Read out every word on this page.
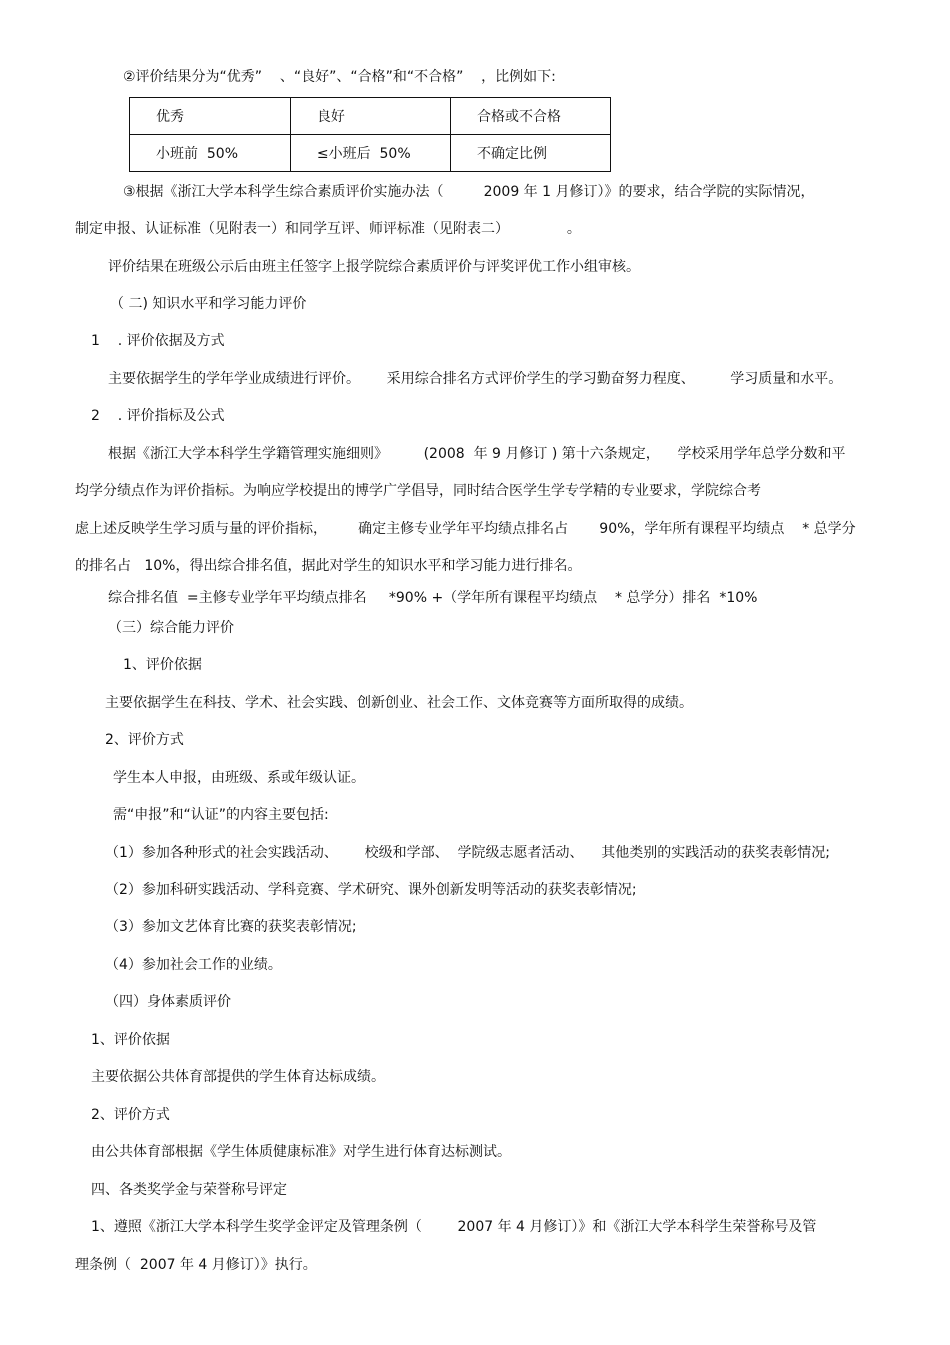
②评价结果分为“优秀”    、“良好”、“合格”和“不合格”    ，比例如下:
优秀	良好	合格或不合格
小班前  50%	≤小班后  50%	不确定比例
③根据《浙江大学本科学生综合素质评价实施办法（         2009 年 1 月修订）》的要求，结合学院的实际情况，
制定申报、认证标准（见附表一）和同学互评、师评标准（见附表二）             。
评价结果在班级公示后由班主任签字上报学院综合素质评价与评奖评优工作小组审核。
（ 二) 知识水平和学习能力评价
1    . 评价依据及方式
主要依据学生的学年学业成绩进行评价。      采用综合排名方式评价学生的学习勤奋努力程度、        学习质量和水平。
2    . 评价指标及公式
根据《浙江大学本科学生学籍管理实施细则》        (2008  年 9 月修订 ) 第十六条规定，    学校采用学年总学分数和平
均学分绩点作为评价指标。为响应学校提出的博学广学倡导，同时结合医学生学专学精的专业要求，学院综合考
虑上述反映学生学习质与量的评价指标，       确定主修专业学年平均绩点排名占       90%，学年所有课程平均绩点    * 总学分
的排名占   10%，得出综合排名值，据此对学生的知识水平和学习能力进行排名。
综合排名值  =主修专业学年平均绩点排名     *90% +（学年所有课程平均绩点    * 总学分）排名  *10%
（三）综合能力评价
1、评价依据
主要依据学生在科技、学术、社会实践、创新创业、社会工作、文体竞赛等方面所取得的成绩。
2、评价方式
学生本人申报，由班级、系或年级认证。
需“申报”和“认证”的内容主要包括:
（1）参加各种形式的社会实践活动、      校级和学部、  学院级志愿者活动、    其他类别的实践活动的获奖表彰情况;
（2）参加科研实践活动、学科竞赛、学术研究、课外创新发明等活动的获奖表彰情况;
（3）参加文艺体育比赛的获奖表彰情况;
（4）参加社会工作的业绩。
（四）身体素质评价
1、评价依据
主要依据公共体育部提供的学生体育达标成绩。
2、评价方式
由公共体育部根据《学生体质健康标准》对学生进行体育达标测试。
四、各类奖学金与荣誉称号评定
1、遵照《浙江大学本科学生奖学金评定及管理条例（        2007 年 4 月修订）》和《浙江大学本科学生荣誉称号及管
理条例（  2007 年 4 月修订）》执行。
